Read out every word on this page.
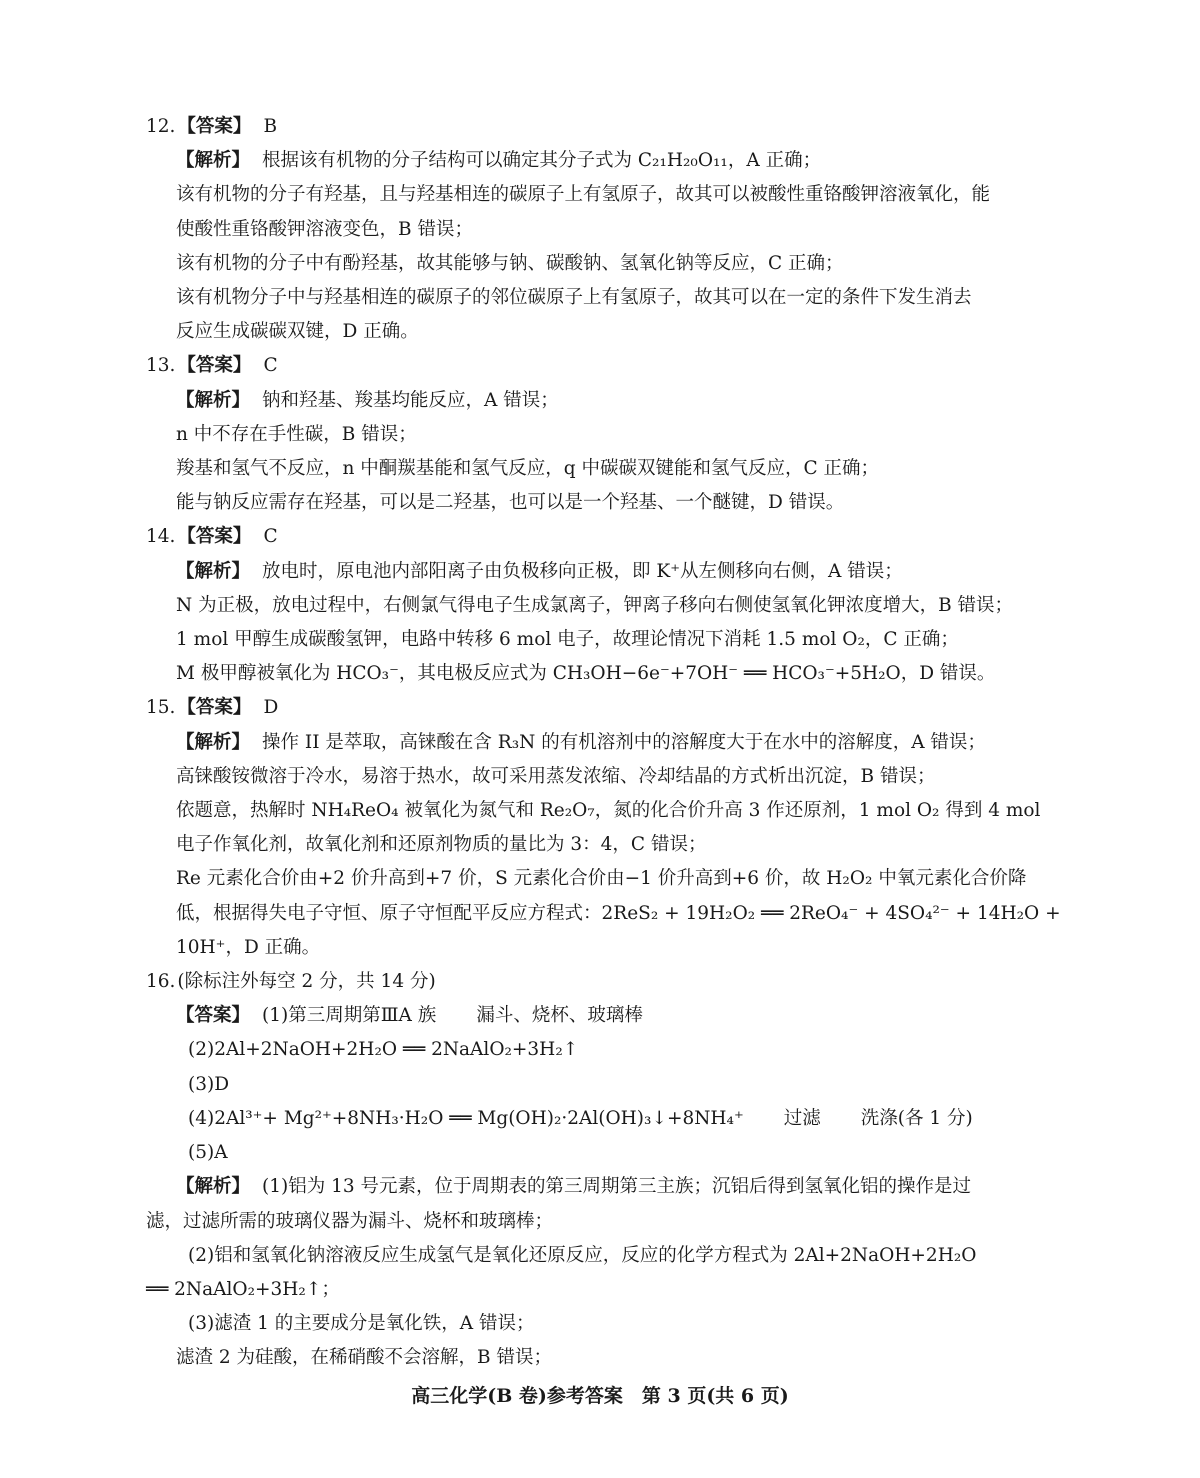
12. 【答案】 B
【解析】 根据该有机物的分子结构可以确定其分子式为 C₂₁H₂₀O₁₁，A 正确；
该有机物的分子有羟基，且与羟基相连的碳原子上有氢原子，故其可以被酸性重铬酸钾溶液氧化，能
使酸性重铬酸钾溶液变色，B 错误；
该有机物的分子中有酚羟基，故其能够与钠、碳酸钠、氢氧化钠等反应，C 正确；
该有机物分子中与羟基相连的碳原子的邻位碳原子上有氢原子，故其可以在一定的条件下发生消去
反应生成碳碳双键，D 正确。
13. 【答案】 C
【解析】 钠和羟基、羧基均能反应，A 错误；
n 中不存在手性碳，B 错误；
羧基和氢气不反应，n 中酮羰基能和氢气反应，q 中碳碳双键能和氢气反应，C 正确；
能与钠反应需存在羟基，可以是二羟基，也可以是一个羟基、一个醚键，D 错误。
14. 【答案】 C
【解析】 放电时，原电池内部阳离子由负极移向正极，即 K⁺从左侧移向右侧，A 错误；
N 为正极，放电过程中，右侧氯气得电子生成氯离子，钾离子移向右侧使氢氧化钾浓度增大，B 错误；
1 mol 甲醇生成碳酸氢钾，电路中转移 6 mol 电子，故理论情况下消耗 1.5 mol O₂，C 正确；
M 极甲醇被氧化为 HCO₃⁻，其电极反应式为 CH₃OH−6e⁻+7OH⁻ ══ HCO₃⁻+5H₂O，D 错误。
15. 【答案】 D
【解析】 操作 II 是萃取，高铼酸在含 R₃N 的有机溶剂中的溶解度大于在水中的溶解度，A 错误；
高铼酸铵微溶于冷水，易溶于热水，故可采用蒸发浓缩、冷却结晶的方式析出沉淀，B 错误；
依题意，热解时 NH₄ReO₄ 被氧化为氮气和 Re₂O₇，氮的化合价升高 3 作还原剂，1 mol O₂ 得到 4 mol
电子作氧化剂，故氧化剂和还原剂物质的量比为 3：4，C 错误；
Re 元素化合价由+2 价升高到+7 价，S 元素化合价由−1 价升高到+6 价，故 H₂O₂ 中氧元素化合价降
低，根据得失电子守恒、原子守恒配平反应方程式：2ReS₂ + 19H₂O₂ ══ 2ReO₄⁻ + 4SO₄²⁻ + 14H₂O +
10H⁺，D 正确。
16. (除标注外每空 2 分，共 14 分)
【答案】 (1)第三周期第ⅢA 族 漏斗、烧杯、玻璃棒
(2)2Al+2NaOH+2H₂O ══ 2NaAlO₂+3H₂↑
(3)D
(4)2Al³⁺+ Mg²⁺+8NH₃·H₂O ══ Mg(OH)₂·2Al(OH)₃↓+8NH₄⁺ 过滤 洗涤(各 1 分)
(5)A
【解析】 (1)铝为 13 号元素，位于周期表的第三周期第三主族；沉铝后得到氢氧化铝的操作是过
滤，过滤所需的玻璃仪器为漏斗、烧杯和玻璃棒；
(2)铝和氢氧化钠溶液反应生成氢气是氧化还原反应，反应的化学方程式为 2Al+2NaOH+2H₂O
══ 2NaAlO₂+3H₂↑；
(3)滤渣 1 的主要成分是氧化铁，A 错误；
滤渣 2 为硅酸，在稀硝酸不会溶解，B 错误；
高三化学(B 卷)参考答案　第 3 页(共 6 页)
